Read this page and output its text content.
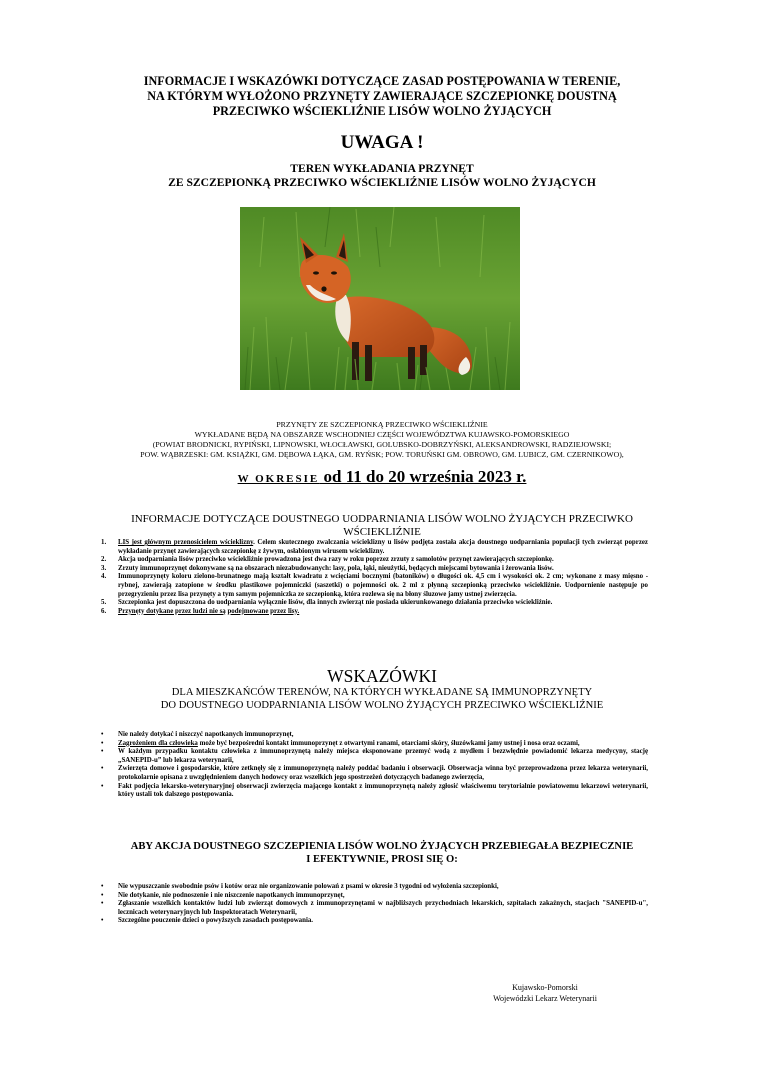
INFORMACJE I WSKAZÓWKI DOTYCZĄCE ZASAD POSTĘPOWANIA W TERENIE,
NA KTÓRYM WYŁOŻONO PRZYNĘTY ZAWIERAJĄCE SZCZEPIONKĘ DOUSTNĄ
PRZECIWKO WŚCIEKLIŹNIE LISÓW WOLNO ŻYJĄCYCH
UWAGA !
TEREN WYKŁADANIA PRZYNĘT
ZE SZCZEPIONKĄ PRZECIWKO WŚCIEKLIŹNIE LISÓW WOLNO ŻYJĄCYCH
PRZYNĘTY ZE SZCZEPIONKĄ PRZECIWKO WŚCIEKLIŹNIE
WYKŁADANE BĘDĄ NA OBSZARZE WSCHODNIEJ CZĘŚCI WOJEWÓDZTWA KUJAWSKO-POMORSKIEGO
(POWIAT BRODNICKI, RYPIŃSKI, LIPNOWSKI, WŁOCŁAWSKI, GOLUBSKO-DOBRZYŃSKI, ALEKSANDROWSKI, RADZIEJOWSKI;
POW. WĄBRZESKI: GM. KSIĄŻKI, GM. DĘBOWA ŁĄKA, GM. RYŃSK; POW. TORUŃSKI GM. OBROWO, GM. LUBICZ, GM. CZERNIKOWO),
W OKRESIE od 11 do 20 września 2023 r.
INFORMACJE DOTYCZĄCE DOUSTNEGO UODPARNIANIA LISÓW WOLNO ŻYJĄCYCH PRZECIWKO WŚCIEKLIŹNIE
1. LIS jest głównym przenosicielem wścieklizny. Celem skutecznego zwalczania wścieklizny u lisów podjęta została akcja doustnego uodparniania populacji tych zwierząt poprzez wykładanie przynęt zawierających szczepionkę z żywym, osłabionym wirusem wścieklizny.
2. Akcja uodparniania lisów przeciwko wściekliźnie prowadzona jest dwa razy w roku poprzez zrzuty z samolotów przynęt zawierających szczepionkę.
3. Zrzuty immunoprzynęt dokonywane są na obszarach niezabudowanych: lasy, pola, łąki, nieużytki, będących miejscami bytowania i żerowania lisów.
4. Immunoprzynęty koloru zielono-brunatnego mają kształt kwadratu z wcięciami bocznymi (batoników) o długości ok. 4,5 cm i wysokości ok. 2 cm; wykonane z masy mięsno - rybnej, zawierają zatopione w środku plastikowe pojemniczki (saszetki) o pojemności ok. 2 ml z płynną szczepionką przeciwko wściekliźnie. Uodpornienie następuje po przegryzieniu przez lisa przynęty a tym samym pojemniczka ze szczepionką, która rozlewa się na błony śluzowe jamy ustnej zwierzęcia.
5. Szczepionka jest dopuszczona do uodparniania wyłącznie lisów, dla innych zwierząt nie posiada ukierunkowanego działania przeciwko wściekliźnie.
6. Przynęty dotykane przez ludzi nie są podejmowane przez lisy.
WSKAZÓWKI
DLA MIESZKAŃCÓW TERENÓW, NA KTÓRYCH WYKŁADANE SĄ IMMUNOPRZYNĘTY
DO DOUSTNEGO UODPARNIANIA LISÓW WOLNO ŻYJĄCYCH PRZECIWKO WŚCIEKLIŹNIE
• Nie należy dotykać i niszczyć napotkanych immunoprzynęt,
• Zagrożeniem dla człowieka może być bezpośredni kontakt immunoprzynęt z otwartymi ranami, otarciami skóry, śluzówkami jamy ustnej i nosa oraz oczami,
• W każdym przypadku kontaktu człowieka z immunoprzynętą należy miejsca eksponowane przemyć wodą z mydłem i bezzwłędnie powiadomić lekarza medycyny, stację „SANEPID-u” lub lekarza weterynarii,
• Zwierzęta domowe i gospodarskie, które zetknęły się z immunoprzynętą należy poddać badaniu i obserwacji. Obserwacja winna być przeprowadzona przez lekarza weterynarii, protokolarnie opisana z uwzględnieniem danych hodowcy oraz wszelkich jego spostrzeżeń dotyczących badanego zwierzęcia,
• Fakt podjęcia lekarsko-weterynaryjnej obserwacji zwierzęcia mającego kontakt z immunoprzynętą należy zgłosić właściwemu terytorialnie powiatowemu lekarzowi weterynarii, który ustali tok dalszego postępowania.
ABY AKCJA DOUSTNEGO SZCZEPIENIA LISÓW WOLNO ŻYJĄCYCH PRZEBIEGAŁA BEZPIECZNIE
I EFEKTYWNIE, PROSI SIĘ O:
• Nie wypuszczanie swobodnie psów i kotów oraz nie organizowanie polowań z psami w okresie 3 tygodni od wyłożenia szczepionki,
• Nie dotykanie, nie podnoszenie i nie niszczenie napotkanych immunoprzynęt,
• Zgłaszanie wszelkich kontaktów ludzi lub zwierząt domowych z immunoprzynętami w najbliższych przychodniach lekarskich, szpitalach zakaźnych, stacjach "SANEPID-u", lecznicach weterynaryjnych lub Inspektoratach Weterynarii,
• Szczególne pouczenie dzieci o powyższych zasadach postępowania.
Kujawsko-Pomorski
Wojewódzki Lekarz Weterynarii
